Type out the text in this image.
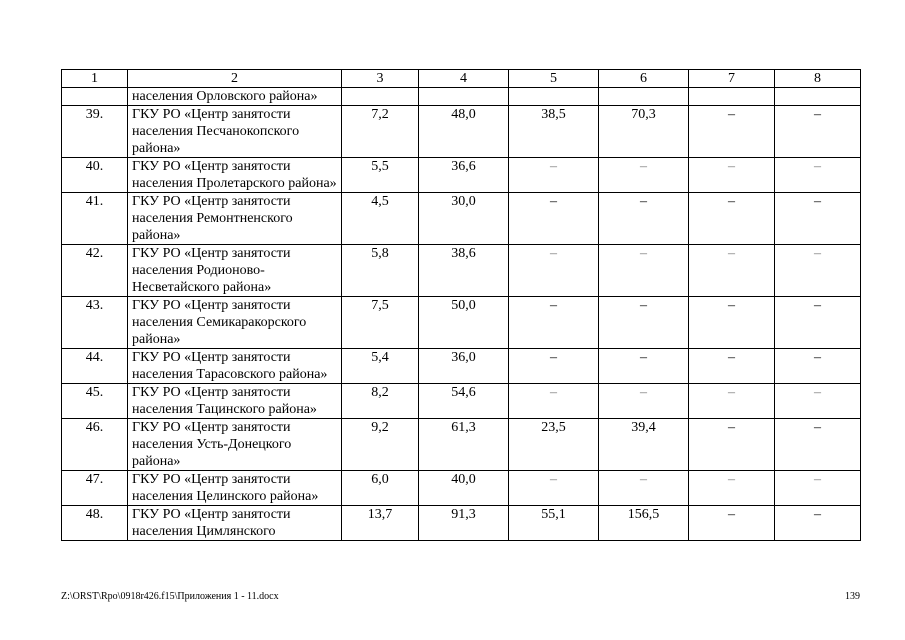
1	2	3	4	5	6	7	8
	населения Орловского района»						
39.	ГКУ РО «Центр занятости населения Песчанокопского района»	7,2	48,0	38,5	70,3	–	–
40.	ГКУ РО «Центр занятости населения Пролетарского района»	5,5	36,6	–	–	–	–
41.	ГКУ РО «Центр занятости населения Ремонтненского района»	4,5	30,0	–	–	–	–
42.	ГКУ РО «Центр занятости населения Родионово-Несветайского района»	5,8	38,6	–	–	–	–
43.	ГКУ РО «Центр занятости населения Семикаракорского района»	7,5	50,0	–	–	–	–
44.	ГКУ РО «Центр занятости населения Тарасовского района»	5,4	36,0	–	–	–	–
45.	ГКУ РО «Центр занятости населения Тацинского района»	8,2	54,6	–	–	–	–
46.	ГКУ РО «Центр занятости населения Усть-Донецкого района»	9,2	61,3	23,5	39,4	–	–
47.	ГКУ РО «Центр занятости населения Целинского района»	6,0	40,0	–	–	–	–
48.	ГКУ РО «Центр занятости населения Цимлянского	13,7	91,3	55,1	156,5	–	–
Z:\ORST\Rpo\0918r426.f15\Приложения 1 - 11.docx	139
